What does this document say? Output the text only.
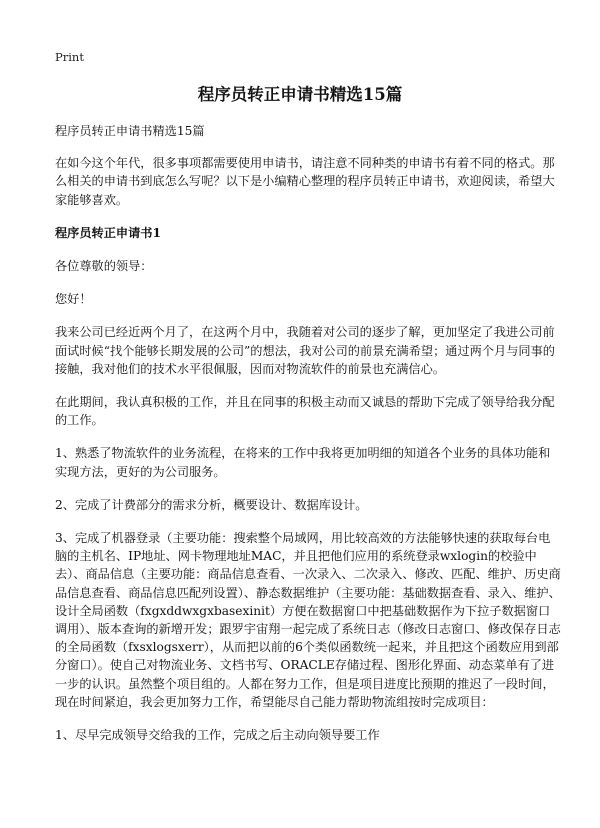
Print
程序员转正申请书精选15篇

程序员转正申请书精选15篇

在如今这个年代，很多事项都需要使用申请书，请注意不同种类的申请书有着不同的格式。那么相关的申请书到底怎么写呢？以下是小编精心整理的程序员转正申请书，欢迎阅读，希望大家能够喜欢。

程序员转正申请书1

各位尊敬的领导：

您好！

我来公司已经近两个月了，在这两个月中，我随着对公司的逐步了解，更加坚定了我进公司前面试时候“找个能够长期发展的公司”的想法，我对公司的前景充满希望；通过两个月与同事的接触，我对他们的技术水平很佩服，因而对物流软件的前景也充满信心。

在此期间，我认真积极的工作，并且在同事的积极主动而又诚恳的帮助下完成了领导给我分配的工作。

1、熟悉了物流软件的业务流程，在将来的工作中我将更加明细的知道各个业务的具体功能和实现方法，更好的为公司服务。

2、完成了计费部分的需求分析，概要设计、数据库设计。

3、完成了机器登录（主要功能：搜索整个局域网，用比较高效的方法能够快速的获取每台电脑的主机名、IP地址、网卡物理地址MAC，并且把他们应用的系统登录wxlogin的校验中去）、商品信息（主要功能：商品信息查看、一次录入、二次录入、修改、匹配、维护、历史商品信息查看、商品信息匹配列设置）、静态数据维护（主要功能：基础数据查看、录入、维护、设计全局函数（fxgxddwxgxbasexinit）方便在数据窗口中把基础数据作为下拉子数据窗口调用）、版本查询的新增开发；跟罗宇宙翔一起完成了系统日志（修改日志窗口、修改保存日志的全局函数（fxsxlogsxerr），从而把以前的6个类似函数统一起来，并且把这个函数应用到部分窗口）。使自己对物流业务、文档书写、ORACLE存储过程、图形化界面、动态菜单有了进一步的认识。虽然整个项目组的。人都在努力工作，但是项目进度比预期的推迟了一段时间，现在时间紧迫，我会更加努力工作，希望能尽自己能力帮助物流组按时完成项目：

1、尽早完成领导交给我的工作，完成之后主动向领导要工作
